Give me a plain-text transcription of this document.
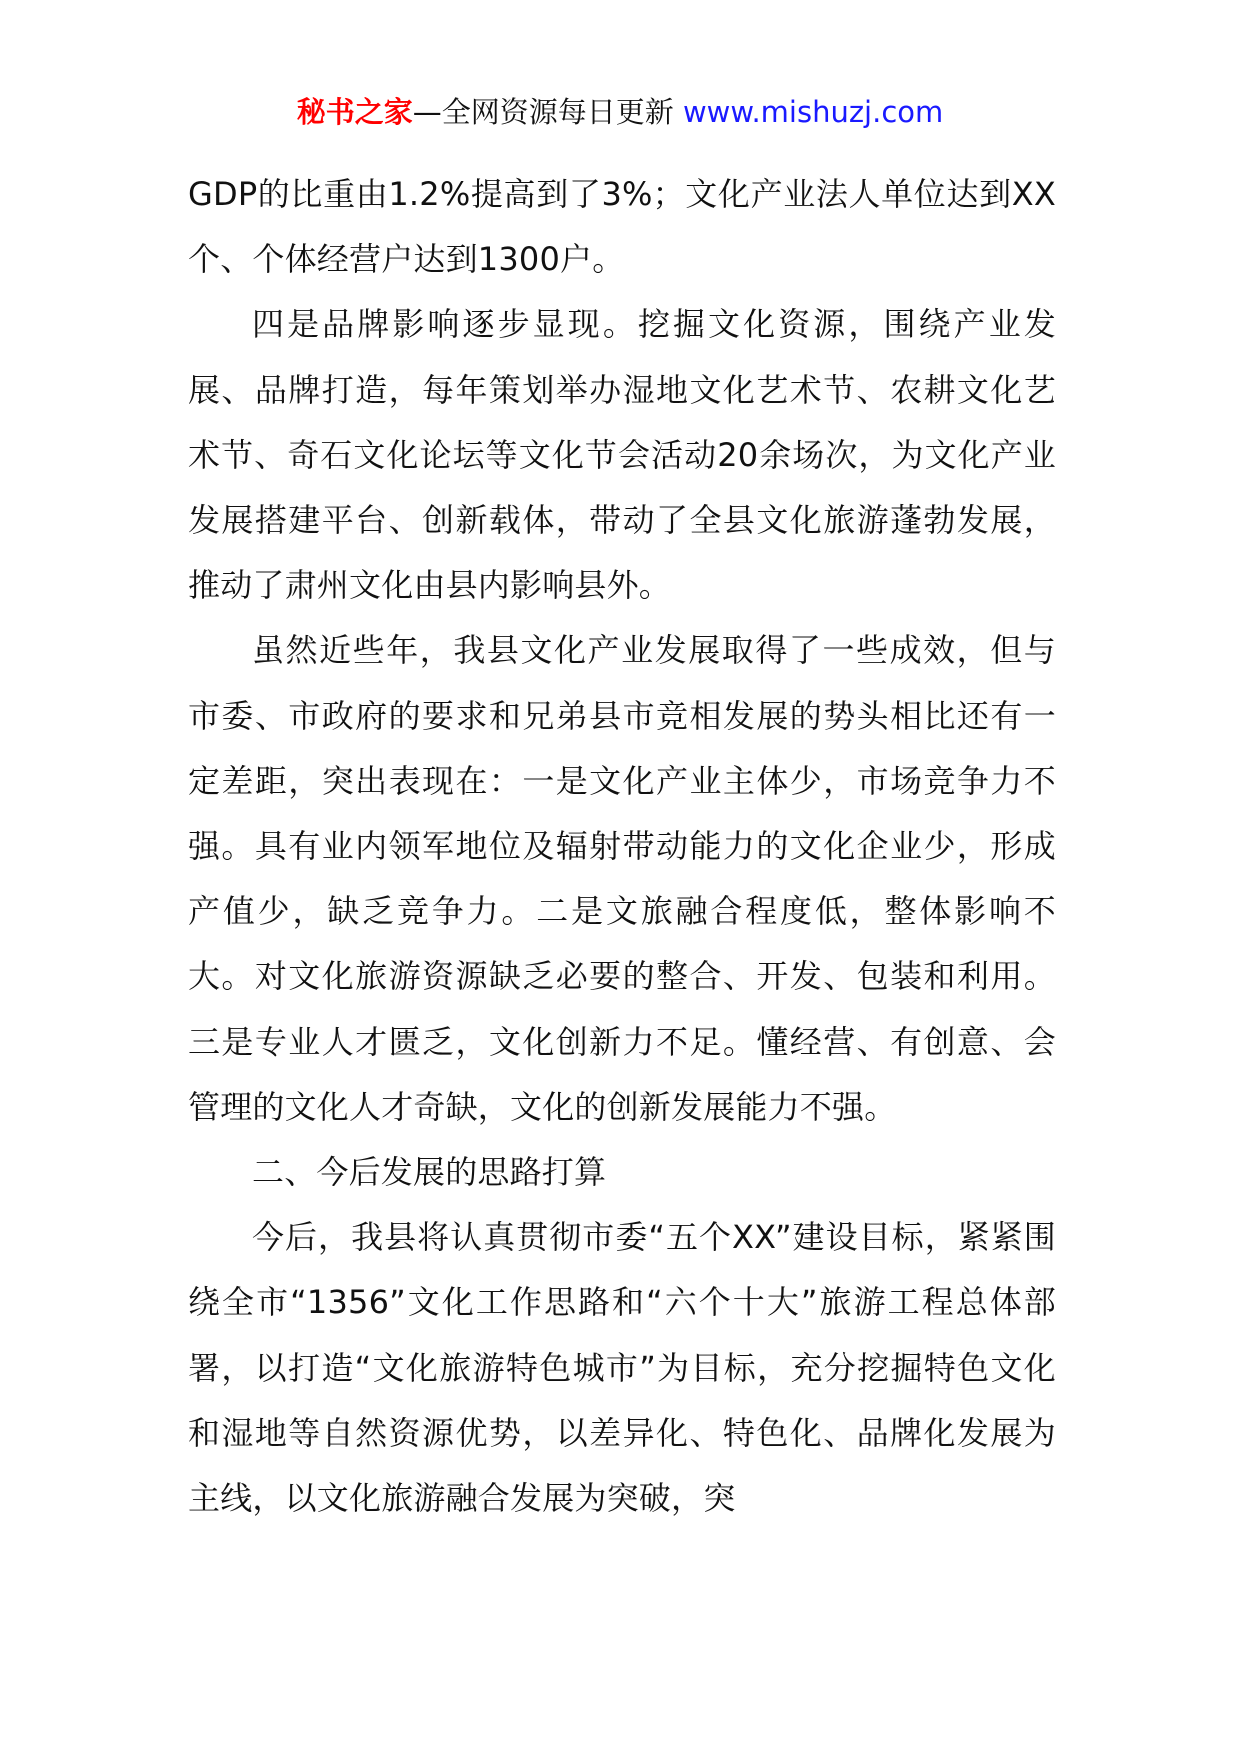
秘书之家—全网资源每日更新 www.mishuzj.com

GDP的比重由1.2%提高到了3%；文化产业法人单位达到XX个、个体经营户达到1300户。

四是品牌影响逐步显现。挖掘文化资源，围绕产业发展、品牌打造，每年策划举办湿地文化艺术节、农耕文化艺术节、奇石文化论坛等文化节会活动20余场次，为文化产业发展搭建平台、创新载体，带动了全县文化旅游蓬勃发展，推动了肃州文化由县内影响县外。

虽然近些年，我县文化产业发展取得了一些成效，但与市委、市政府的要求和兄弟县市竞相发展的势头相比还有一定差距，突出表现在：一是文化产业主体少，市场竞争力不强。具有业内领军地位及辐射带动能力的文化企业少，形成产值少，缺乏竞争力。二是文旅融合程度低，整体影响不大。对文化旅游资源缺乏必要的整合、开发、包装和利用。三是专业人才匮乏，文化创新力不足。懂经营、有创意、会管理的文化人才奇缺，文化的创新发展能力不强。

二、今后发展的思路打算

今后，我县将认真贯彻市委“五个XX”建设目标，紧紧围绕全市“1356”文化工作思路和“六个十大”旅游工程总体部署，以打造“文化旅游特色城市”为目标，充分挖掘特色文化和湿地等自然资源优势，以差异化、特色化、品牌化发展为主线，以文化旅游融合发展为突破，突
